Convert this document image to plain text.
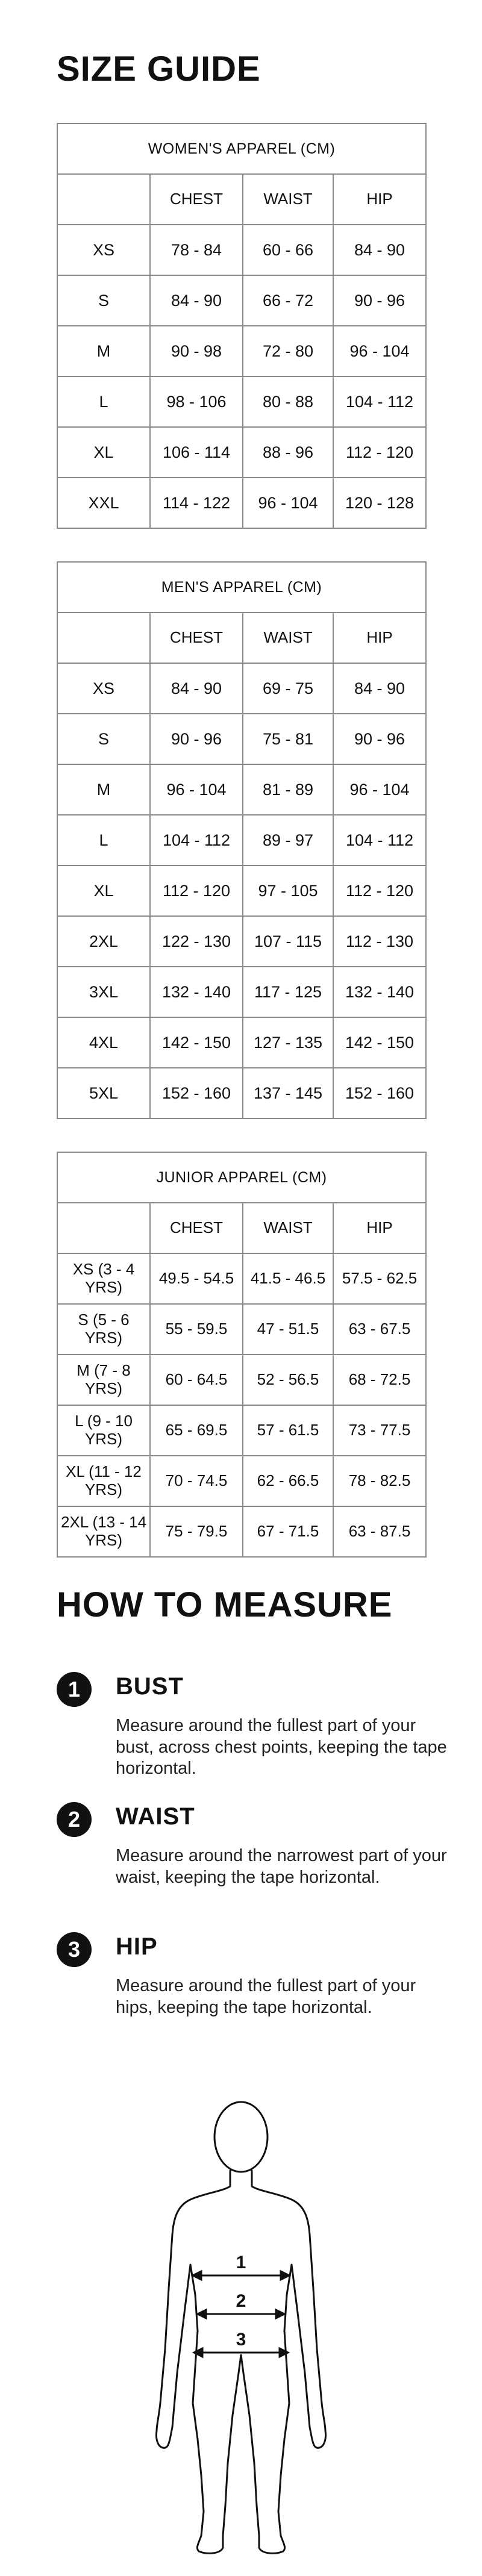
SIZE GUIDE
WOMEN'S APPAREL (CM)			
	CHEST	WAIST	HIP
XS	78 - 84	60 - 66	84 - 90
S	84 - 90	66 - 72	90 - 96
M	90 - 98	72 - 80	96 - 104
L	98 - 106	80 - 88	104 - 112
XL	106 - 114	88 - 96	112 - 120
XXL	114 - 122	96 - 104	120 - 128
MEN'S APPAREL (CM)			
	CHEST	WAIST	HIP
XS	84 - 90	69 - 75	84 - 90
S	90 - 96	75 - 81	90 - 96
M	96 - 104	81 - 89	96 - 104
L	104 - 112	89 - 97	104 - 112
XL	112 - 120	97 - 105	112 - 120
2XL	122 - 130	107 - 115	112 - 130
3XL	132 - 140	117 - 125	132 - 140
4XL	142 - 150	127 - 135	142 - 150
5XL	152 - 160	137 - 145	152 - 160
JUNIOR APPAREL (CM)			
	CHEST	WAIST	HIP
XS (3 - 4 YRS)	49.5 - 54.5	41.5 - 46.5	57.5 - 62.5
S (5 - 6 YRS)	55 - 59.5	47 - 51.5	63 - 67.5
M (7 - 8 YRS)	60 - 64.5	52 - 56.5	68 - 72.5
L (9 - 10 YRS)	65 - 69.5	57 - 61.5	73 - 77.5
XL (11 - 12 YRS)	70 - 74.5	62 - 66.5	78 - 82.5
2XL (13 - 14 YRS)	75 - 79.5	67 - 71.5	63 - 87.5
HOW TO MEASURE
1	BUST
Measure around the fullest part of your bust, across chest points, keeping the tape horizontal.
2	WAIST
Measure around the narrowest part of your waist, keeping the tape horizontal.
3	HIP
Measure around the fullest part of your hips, keeping the tape horizontal.
1
2
3
